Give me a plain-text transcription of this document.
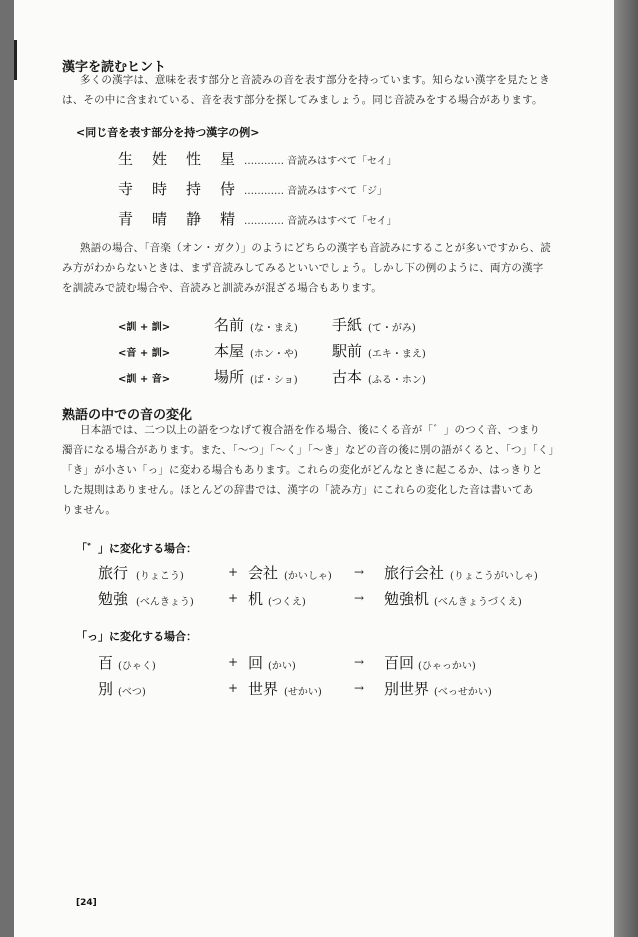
漢字を読むヒント
多くの漢字は、意味を表す部分と音読みの音を表す部分を持っています。知らない漢字を見たとき
は、その中に含まれている、音を表す部分を探してみましょう。同じ音読みをする場合があります。
<同じ音を表す部分を持つ漢字の例>
生 姓 性 星 ………… 音読みはすべて「セイ」
寺 時 持 侍 ………… 音読みはすべて「ジ」
青 晴 静 精 ………… 音読みはすべて「セイ」
熟語の場合、「音楽（オン・ガク）」のようにどちらの漢字も音読みにすることが多いですから、読
み方がわからないときは、まず音読みしてみるといいでしょう。しかし下の例のように、両方の漢字
を訓読みで読む場合や、音読みと訓読みが混ざる場合もあります。
<訓 + 訓>	名前 (な・まえ) 手紙 (て・がみ)
<音 + 訓>	本屋 (ホン・や) 駅前 (エキ・まえ)
<訓 + 音>	場所 (ば・ショ) 古本 (ふる・ホン)
熟語の中での音の変化
日本語では、二つ以上の語をつなげて複合語を作る場合、後にくる音が「゛」のつく音、つまり
濁音になる場合があります。また、「〜つ」「〜く」「〜き」などの音の後に別の語がくると、「つ」「く」
「き」が小さい「っ」に変わる場合もあります。これらの変化がどんなときに起こるか、はっきりと
した規則はありません。ほとんどの辞書では、漢字の「読み方」にこれらの変化した音は書いてあ
りません。
「゛」に変化する場合：
旅行 (りょこう)	+ 会社 (かいしゃ) → 旅行会社 (りょこうがいしゃ)
勉強 (べんきょう)	+ 机 (つくえ)	→ 勉強机 (べんきょうづくえ)
「っ」に変化する場合：
百 (ひゃく)	+ 回 (かい)	→ 百回 (ひゃっかい)
別 (べつ)	+ 世界 (せかい)	→ 別世界 (べっせかい)
[24]
